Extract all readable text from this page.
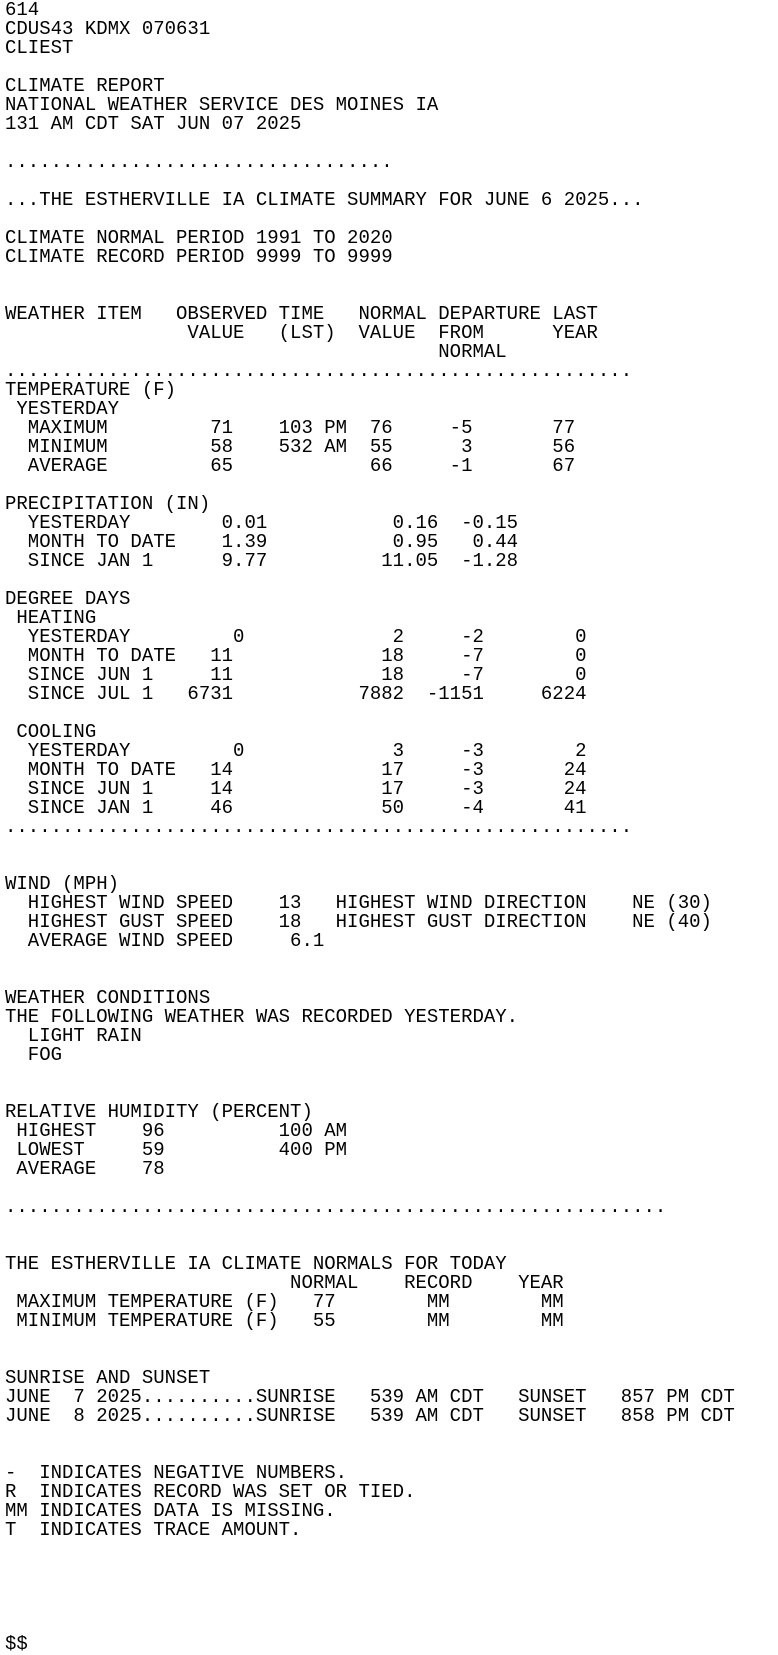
614
CDUS43 KDMX 070631
CLIEST
CLIMATE REPORT
NATIONAL WEATHER SERVICE DES MOINES IA
131 AM CDT SAT JUN 07 2025
..................................
...THE ESTHERVILLE IA CLIMATE SUMMARY FOR JUNE 6 2025...
CLIMATE NORMAL PERIOD 1991 TO 2020
CLIMATE RECORD PERIOD 9999 TO 9999
WEATHER ITEM   OBSERVED TIME   NORMAL DEPARTURE LAST
VALUE   (LST)  VALUE  FROM      YEAR
NORMAL
.......................................................
TEMPERATURE (F)
YESTERDAY
MAXIMUM         71    103 PM  76     -5       77
MINIMUM         58    532 AM  55      3       56
AVERAGE         65            66     -1       67
PRECIPITATION (IN)
YESTERDAY        0.01           0.16  -0.15
MONTH TO DATE    1.39           0.95   0.44
SINCE JAN 1      9.77          11.05  -1.28
DEGREE DAYS
HEATING
YESTERDAY         0             2     -2        0
MONTH TO DATE   11             18     -7        0
SINCE JUN 1     11             18     -7        0
SINCE JUL 1   6731           7882  -1151     6224
COOLING
YESTERDAY         0             3     -3        2
MONTH TO DATE   14             17     -3       24
SINCE JUN 1     14             17     -3       24
SINCE JAN 1     46             50     -4       41
.......................................................
WIND (MPH)
HIGHEST WIND SPEED    13   HIGHEST WIND DIRECTION    NE (30)
HIGHEST GUST SPEED    18   HIGHEST GUST DIRECTION    NE (40)
AVERAGE WIND SPEED     6.1
WEATHER CONDITIONS
THE FOLLOWING WEATHER WAS RECORDED YESTERDAY.
LIGHT RAIN
FOG
RELATIVE HUMIDITY (PERCENT)
HIGHEST    96          100 AM
LOWEST     59          400 PM
AVERAGE    78
..........................................................
THE ESTHERVILLE IA CLIMATE NORMALS FOR TODAY
NORMAL    RECORD    YEAR
MAXIMUM TEMPERATURE (F)   77        MM        MM
MINIMUM TEMPERATURE (F)   55        MM        MM
SUNRISE AND SUNSET
JUNE  7 2025..........SUNRISE   539 AM CDT   SUNSET   857 PM CDT
JUNE  8 2025..........SUNRISE   539 AM CDT   SUNSET   858 PM CDT
-  INDICATES NEGATIVE NUMBERS.
R  INDICATES RECORD WAS SET OR TIED.
MM INDICATES DATA IS MISSING.
T  INDICATES TRACE AMOUNT.
$$
